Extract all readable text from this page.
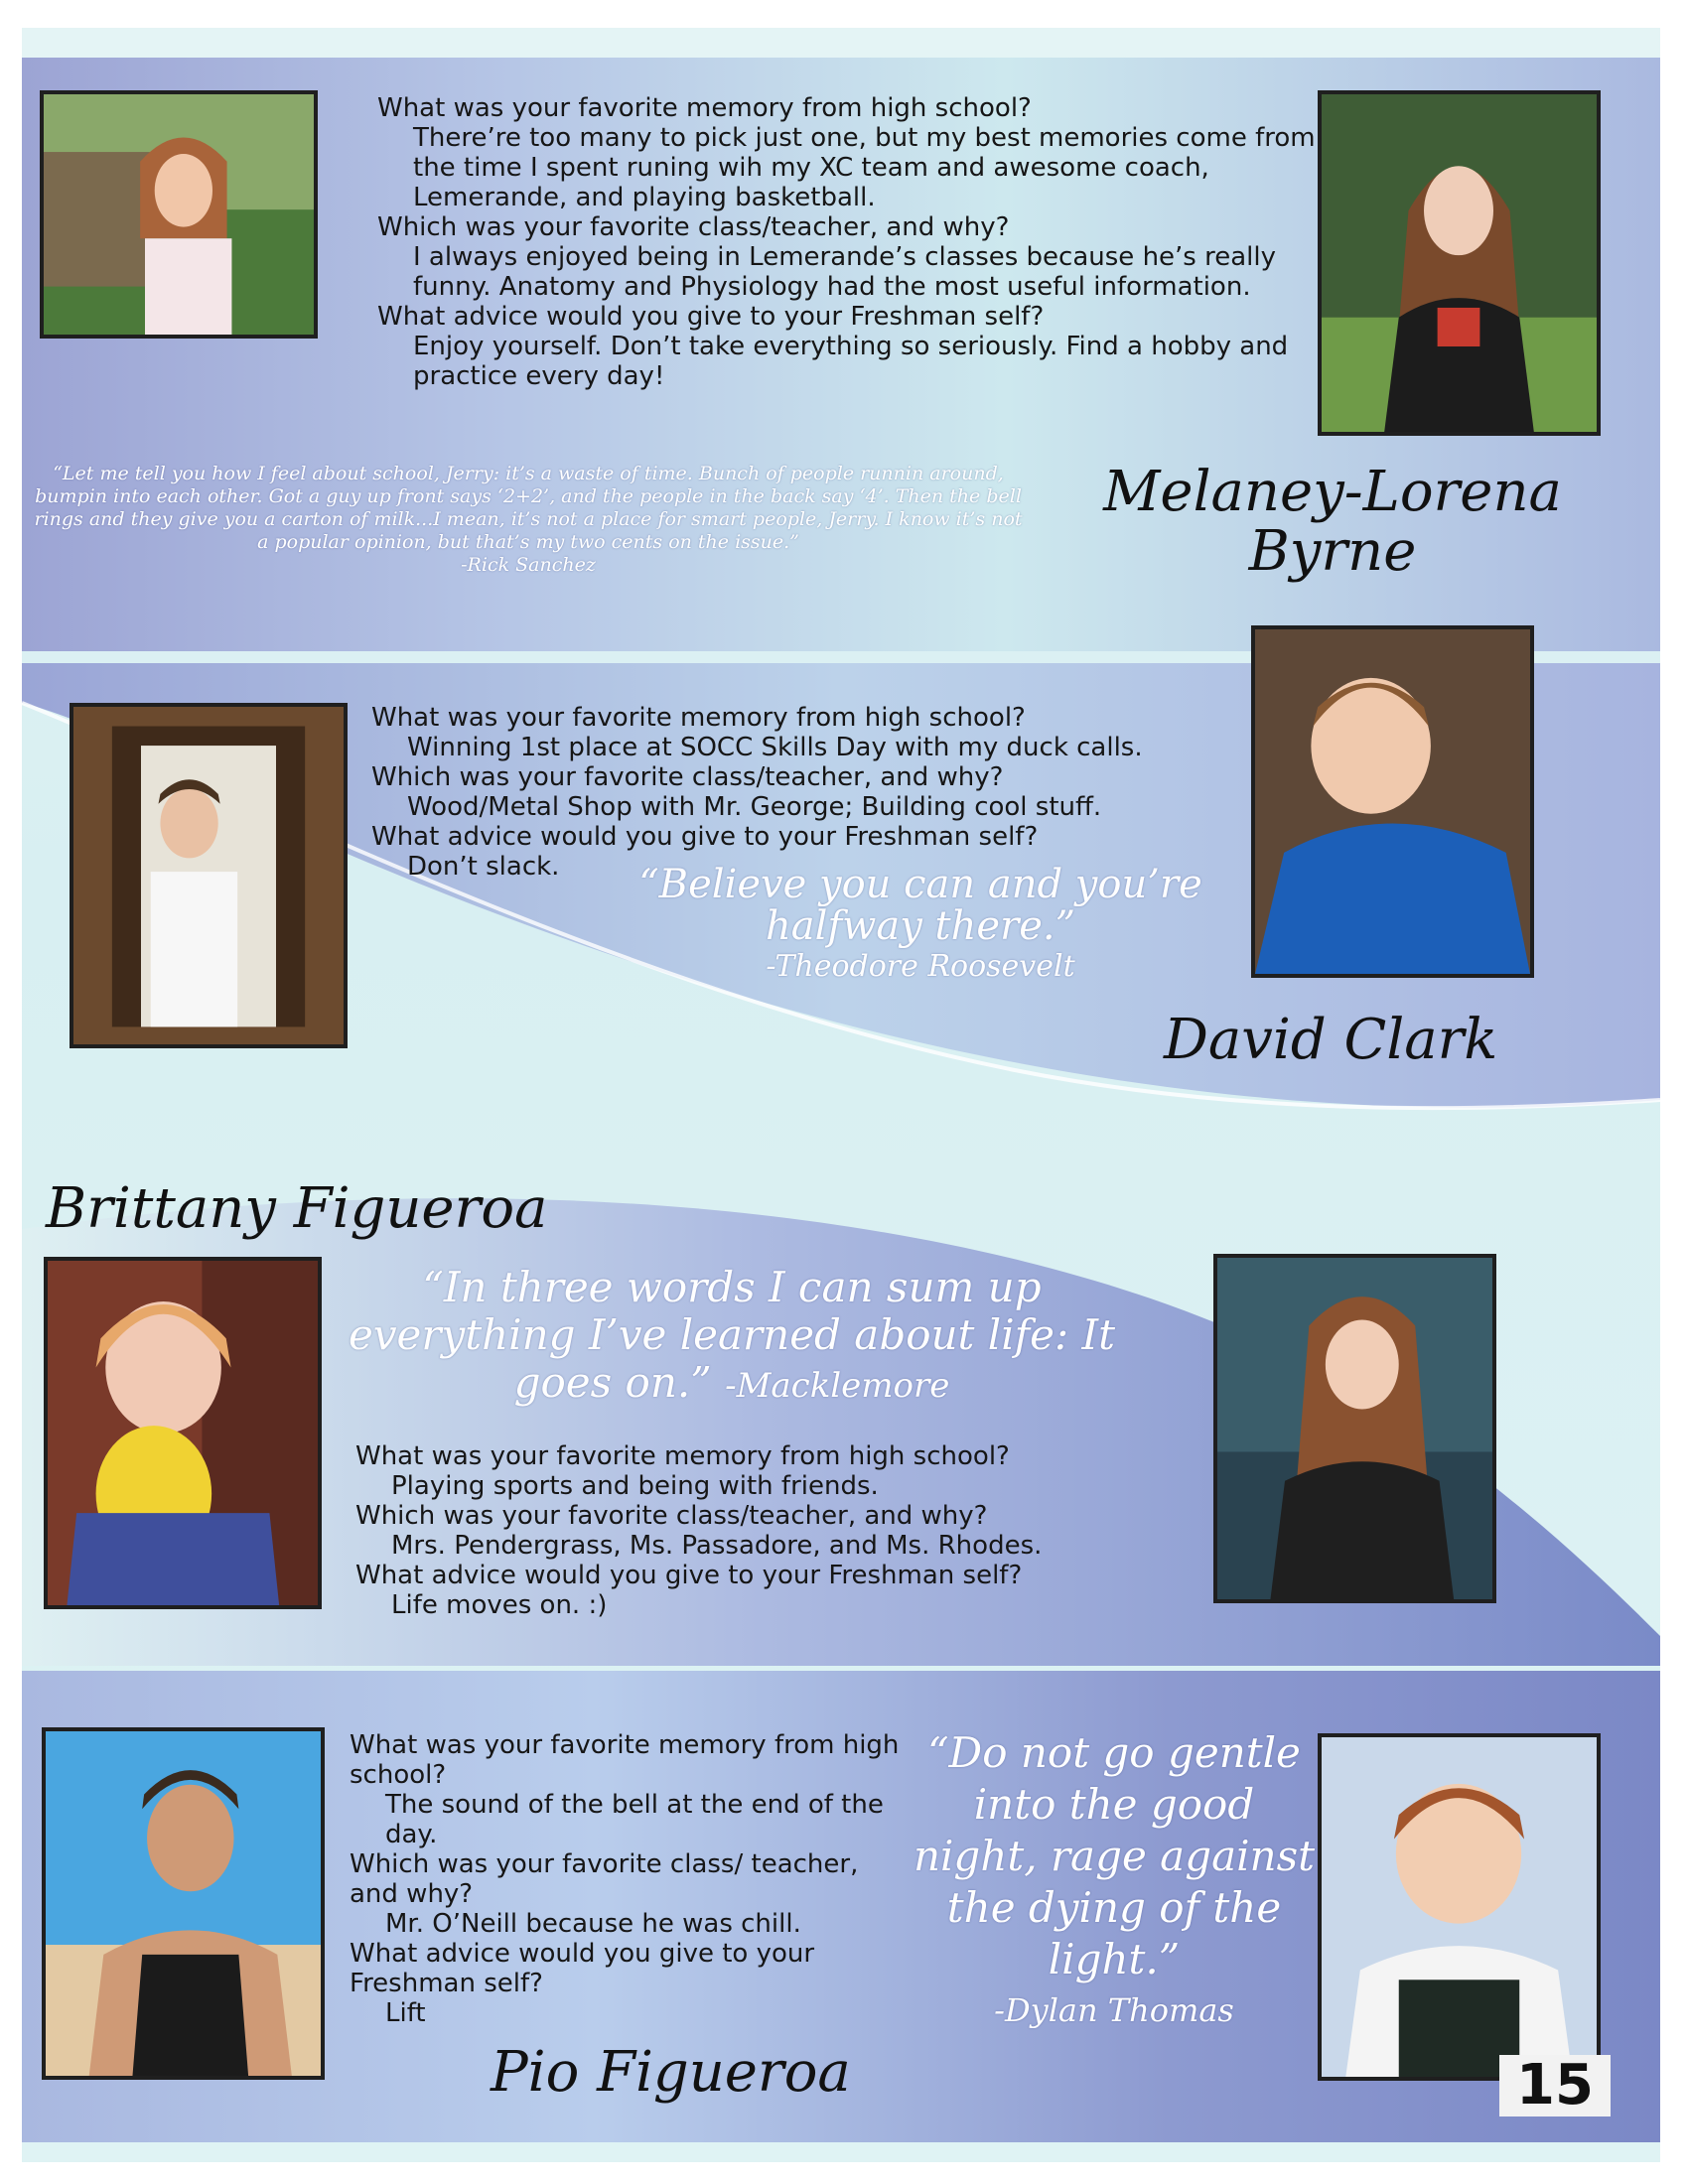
What was your favorite memory from high school?
There’re too many to pick just one, but my best memories come from the time I spent runing wih my XC team and awesome coach, Lemerande, and playing basketball.
Which was your favorite class/teacher, and why?
I always enjoyed being in Lemerande’s classes because he’s really funny. Anatomy and Physiology had the most useful information.
What advice would you give to your Freshman self?
Enjoy yourself. Don’t take everything so seriously. Find a hobby and practice every day!
“Let me tell you how I feel about school, Jerry: it’s a waste of time. Bunch of people runnin around, bumpin into each other. Got a guy up front says ‘2+2’, and the people in the back say ‘4’. Then the bell rings and they give you a carton of milk...I mean, it’s not a place for smart people, Jerry. I know it’s not a popular opinion, but that’s my two cents on the issue.”
-Rick Sanchez
Melaney-Lorena
Byrne
What was your favorite memory from high school?
Winning 1st place at SOCC Skills Day with my duck calls.
Which was your favorite class/teacher, and why?
Wood/Metal Shop with Mr. George; Building cool stuff.
What advice would you give to your Freshman self?
Don’t slack.	“Believe you can and you’re halfway there.”
-Theodore Roosevelt
David Clark
Brittany Figueroa
“In three words I can sum up everything I’ve learned about life: It goes on.” -Macklemore
What was your favorite memory from high school?
Playing sports and being with friends.
Which was your favorite class/teacher, and why?
Mrs. Pendergrass, Ms. Passadore, and Ms. Rhodes.
What advice would you give to your Freshman self?
Life moves on. :)
What was your favorite memory from high school?
The sound of the bell at the end of the day.
Which was your favorite class/ teacher, and why?
Mr. O’Neill because he was chill.
What advice would you give to your Freshman self?
Lift
Pio Figueroa
“Do not go gentle into the good night, rage against the dying of the light.”
-Dylan Thomas
15
